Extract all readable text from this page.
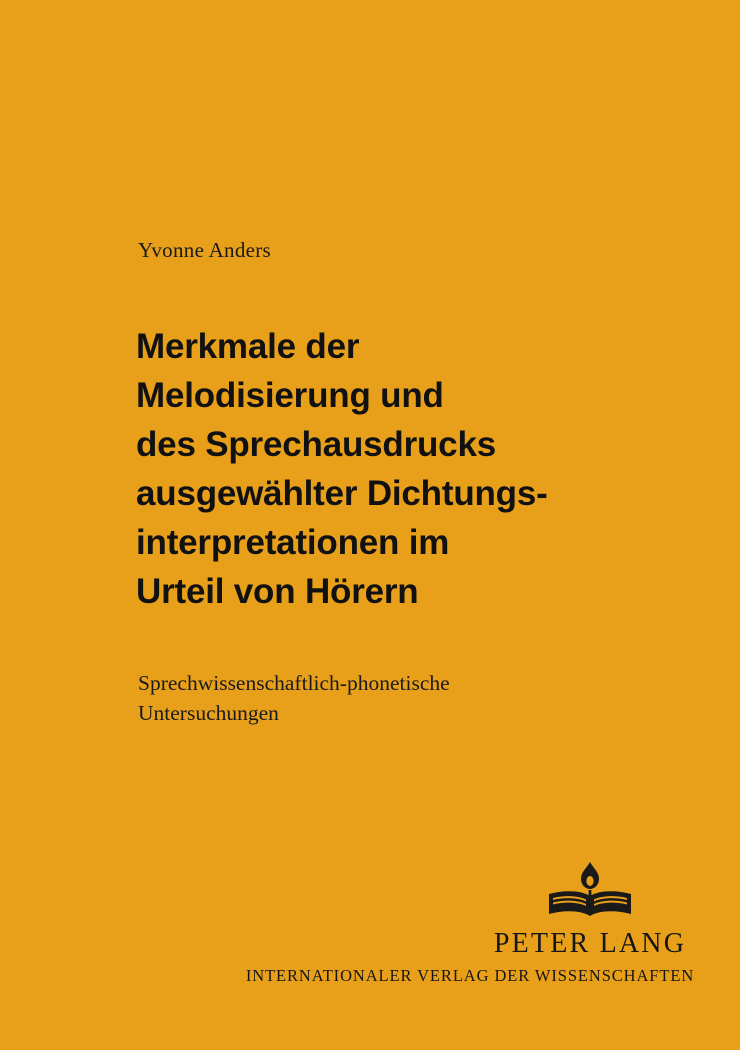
Yvonne Anders
Merkmale der
Melodisierung und
des Sprechausdrucks
ausgewählter Dichtungs-
interpretationen im
Urteil von Hörern
Sprechwissenschaftlich-phonetische
Untersuchungen
PETER LANG
INTERNATIONALER VERLAG DER WISSENSCHAFTEN
